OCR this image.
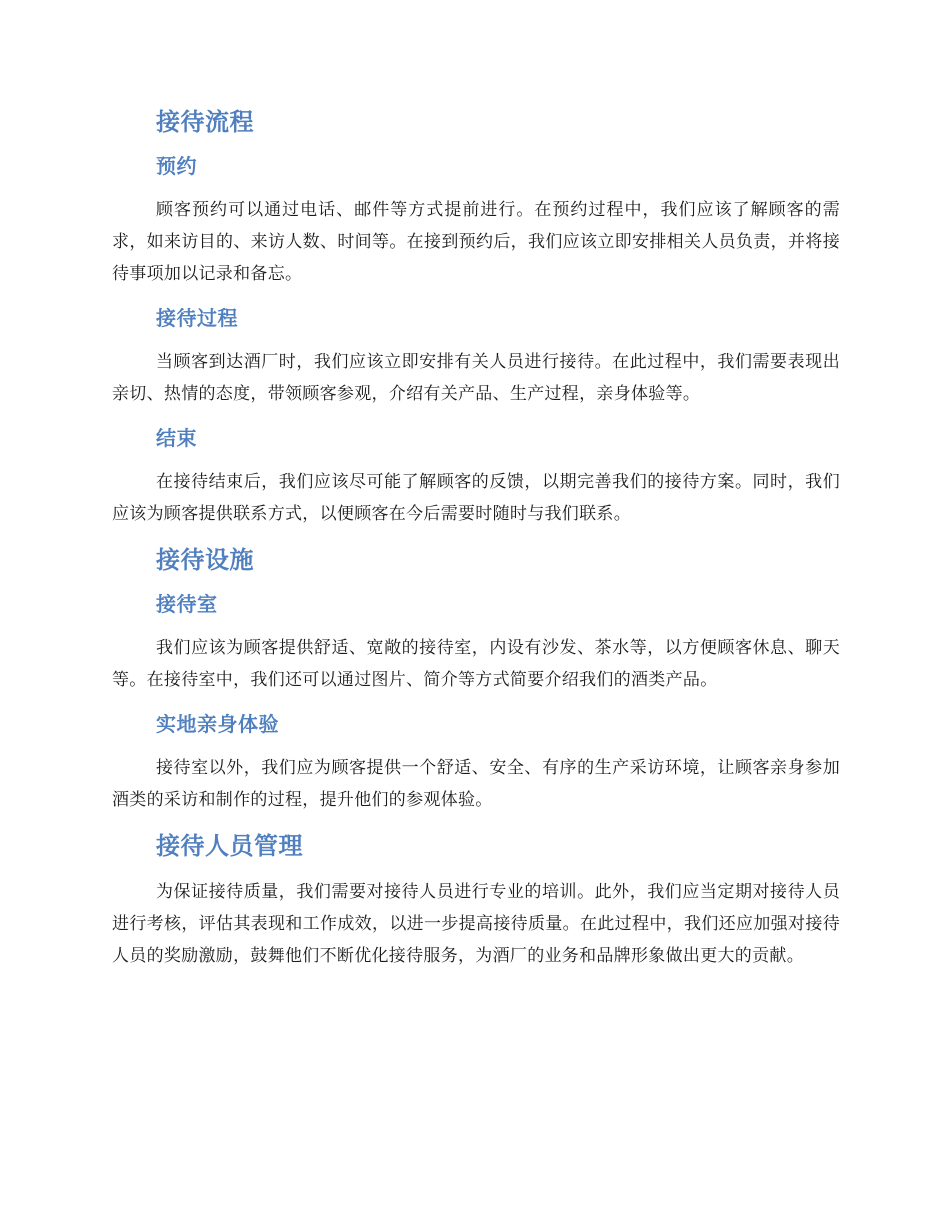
接待流程
预约
顾客预约可以通过电话、邮件等方式提前进行。在预约过程中，我们应该了解顾客的需求，如来访目的、来访人数、时间等。在接到预约后，我们应该立即安排相关人员负责，并将接待事项加以记录和备忘。
接待过程
当顾客到达酒厂时，我们应该立即安排有关人员进行接待。在此过程中，我们需要表现出亲切、热情的态度，带领顾客参观，介绍有关产品、生产过程，亲身体验等。
结束
在接待结束后，我们应该尽可能了解顾客的反馈，以期完善我们的接待方案。同时，我们应该为顾客提供联系方式，以便顾客在今后需要时随时与我们联系。
接待设施
接待室
我们应该为顾客提供舒适、宽敞的接待室，内设有沙发、茶水等，以方便顾客休息、聊天等。在接待室中，我们还可以通过图片、简介等方式简要介绍我们的酒类产品。
实地亲身体验
接待室以外，我们应为顾客提供一个舒适、安全、有序的生产采访环境，让顾客亲身参加酒类的采访和制作的过程，提升他们的参观体验。
接待人员管理
为保证接待质量，我们需要对接待人员进行专业的培训。此外，我们应当定期对接待人员进行考核，评估其表现和工作成效，以进一步提高接待质量。在此过程中，我们还应加强对接待人员的奖励激励，鼓舞他们不断优化接待服务，为酒厂的业务和品牌形象做出更大的贡献。
